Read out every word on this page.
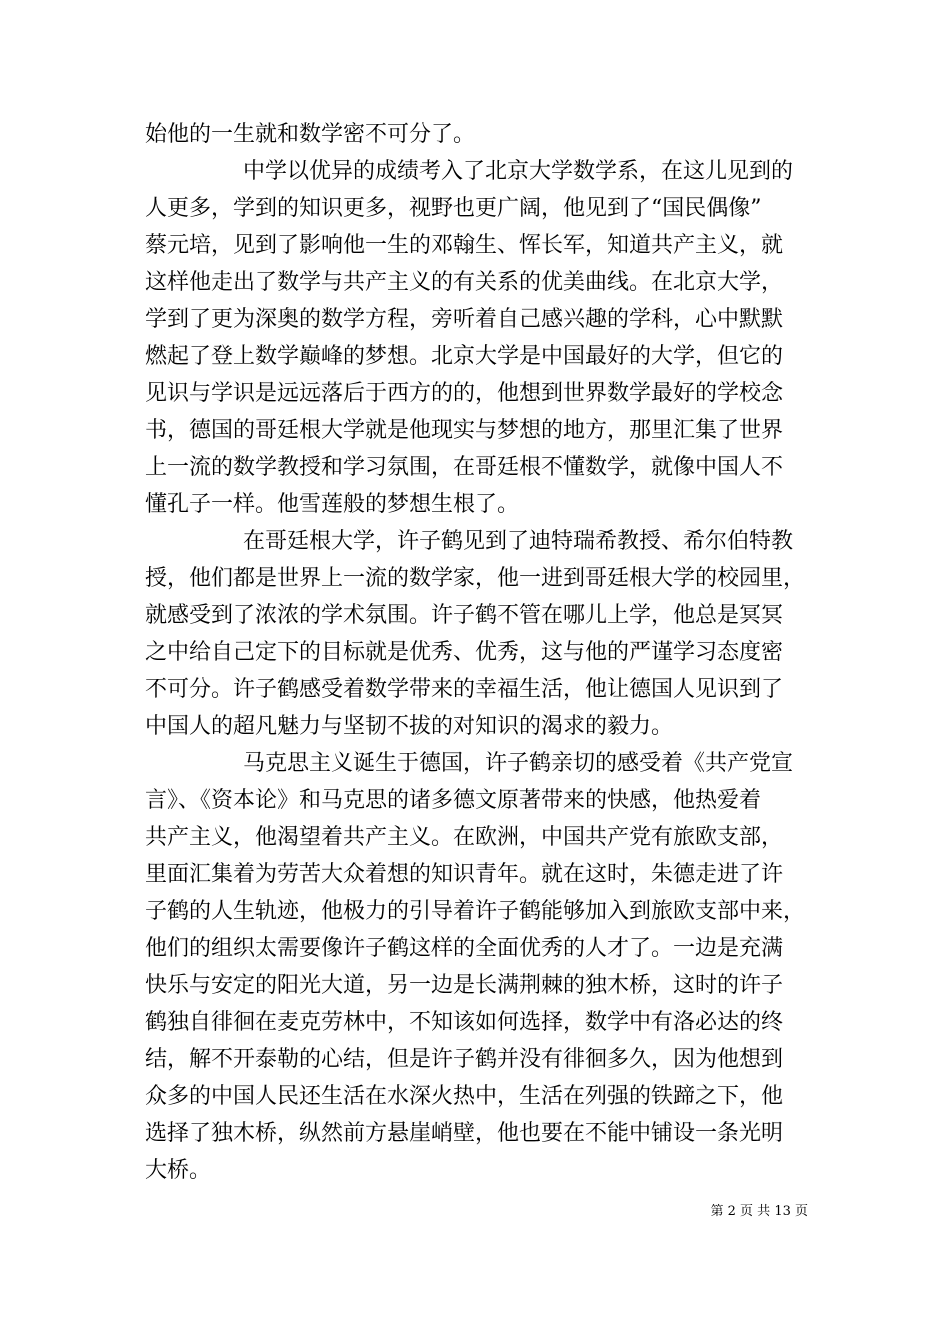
始他的一生就和数学密不可分了。
中学以优异的成绩考入了北京大学数学系，在这儿见到的
人更多，学到的知识更多，视野也更广阔，他见到了“国民偶像”
蔡元培，见到了影响他一生的邓翰生、恽长军，知道共产主义，就
这样他走出了数学与共产主义的有关系的优美曲线。在北京大学，
学到了更为深奥的数学方程，旁听着自己感兴趣的学科，心中默默
燃起了登上数学巅峰的梦想。北京大学是中国最好的大学，但它的
见识与学识是远远落后于西方的的，他想到世界数学最好的学校念
书，德国的哥廷根大学就是他现实与梦想的地方，那里汇集了世界
上一流的数学教授和学习氛围，在哥廷根不懂数学，就像中国人不
懂孔子一样。他雪莲般的梦想生根了。
在哥廷根大学，许子鹤见到了迪特瑞希教授、希尔伯特教
授，他们都是世界上一流的数学家，他一进到哥廷根大学的校园里，
就感受到了浓浓的学术氛围。许子鹤不管在哪儿上学，他总是冥冥
之中给自己定下的目标就是优秀、优秀，这与他的严谨学习态度密
不可分。许子鹤感受着数学带来的幸福生活，他让德国人见识到了
中国人的超凡魅力与坚韧不拔的对知识的渴求的毅力。
马克思主义诞生于德国，许子鹤亲切的感受着《共产党宣
言》、《资本论》和马克思的诸多德文原著带来的快感，他热爱着
共产主义，他渴望着共产主义。在欧洲，中国共产党有旅欧支部，
里面汇集着为劳苦大众着想的知识青年。就在这时，朱德走进了许
子鹤的人生轨迹，他极力的引导着许子鹤能够加入到旅欧支部中来，
他们的组织太需要像许子鹤这样的全面优秀的人才了。一边是充满
快乐与安定的阳光大道，另一边是长满荆棘的独木桥，这时的许子
鹤独自徘徊在麦克劳林中，不知该如何选择，数学中有洛必达的终
结，解不开泰勒的心结，但是许子鹤并没有徘徊多久，因为他想到
众多的中国人民还生活在水深火热中，生活在列强的铁蹄之下，他
选择了独木桥，纵然前方悬崖峭壁，他也要在不能中铺设一条光明
大桥。
第 2 页 共 13 页
